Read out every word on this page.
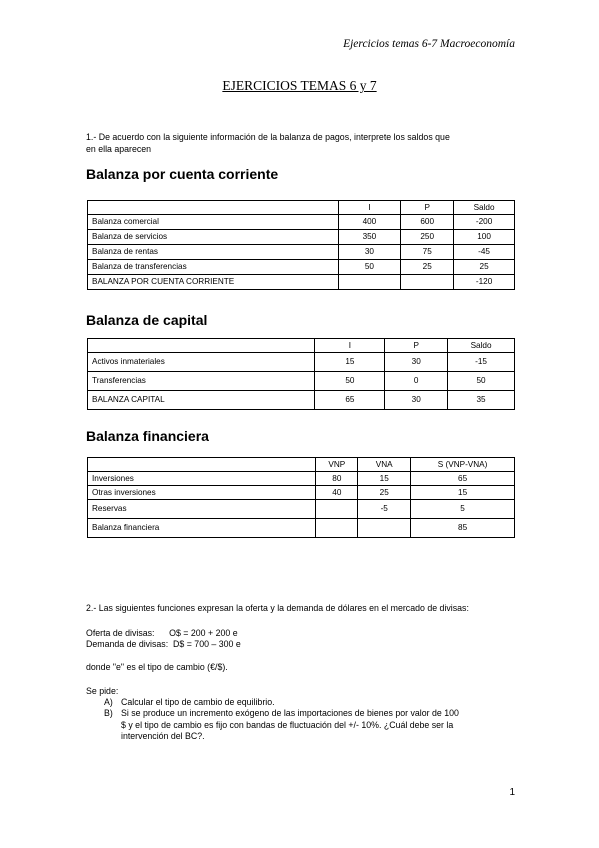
Ejercicios temas 6-7 Macroeconomía
EJERCICIOS TEMAS 6 y 7
1.- De acuerdo con la siguiente información de la balanza de pagos, interprete los saldos que
en ella aparecen
Balanza por cuenta corriente
	I	P	Saldo
Balanza comercial	400	600	-200
Balanza de servicios	350	250	100
Balanza de rentas	30	75	-45
Balanza de transferencias	50	25	25
BALANZA POR CUENTA CORRIENTE			-120
Balanza de capital
	I	P	Saldo
Activos inmateriales	15	30	-15
Transferencias	50	0	50
BALANZA CAPITAL	65	30	35
Balanza financiera
	VNP	VNA	S (VNP-VNA)
Inversiones	80	15	65
Otras inversiones	40	25	15
Reservas		-5	5
Balanza financiera			85
2.- Las siguientes funciones expresan la oferta y la demanda de dólares en el mercado de divisas:
Oferta de divisas:      O$ = 200 + 200 e
Demanda de divisas:  D$ = 700 – 300 e
donde "e" es el tipo de cambio (€/$).
Se pide:
A) Calcular el tipo de cambio de equilibrio.
B) Si se produce un incremento exógeno de las importaciones de bienes por valor de 100
$ y el tipo de cambio es fijo con bandas de fluctuación del +/- 10%. ¿Cuál debe ser la
intervención del BC?.
1
